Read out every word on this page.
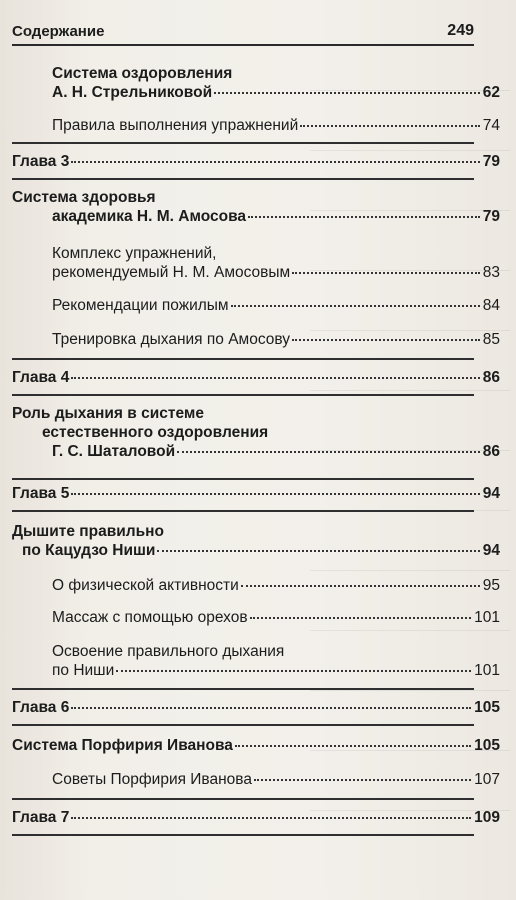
Содержание	249
Система оздоровления
А. Н. Стрельниковой	62
Правила выполнения упражнений	74
Глава 3	79
Система здоровья
академика Н. М. Амосова	79
Комплекс упражнений,
рекомендуемый Н. М. Амосовым	83
Рекомендации пожилым	84
Тренировка дыхания по Амосову	85
Глава 4	86
Роль дыхания в системе
естественного оздоровления
Г. С. Шаталовой	86
Глава 5	94
Дышите правильно
по Кацудзо Ниши	94
О физической активности	95
Массаж с помощью орехов	101
Освоение правильного дыхания
по Ниши	101
Глава 6	105
Система Порфирия Иванова	105
Советы Порфирия Иванова	107
Глава 7	109
